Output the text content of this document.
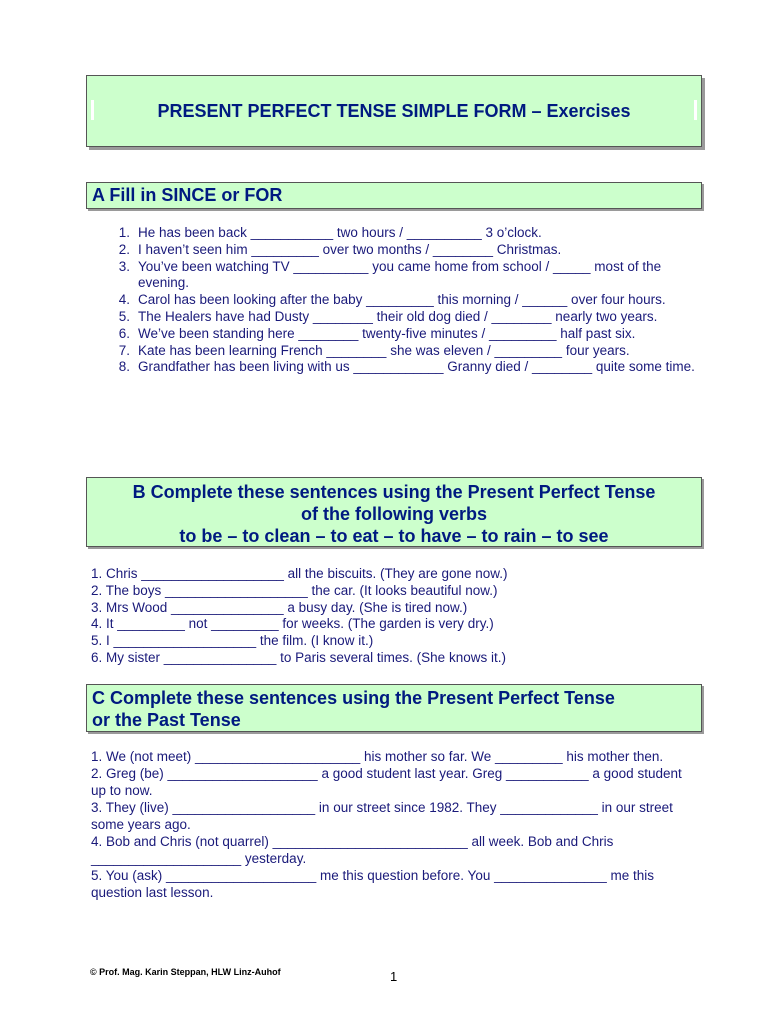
PRESENT PERFECT TENSE SIMPLE FORM – Exercises
A Fill in SINCE or FOR
1. He has been back ___________ two hours / __________ 3 o’clock.
2. I haven’t seen him _________ over two months / ________ Christmas.
3. You’ve been watching TV __________ you came home from school / _____ most of the evening.
4. Carol has been looking after the baby _________ this morning / ______ over four hours.
5. The Healers have had Dusty ________ their old dog died / ________ nearly two years.
6. We’ve been standing here ________ twenty-five minutes / _________ half past six.
7. Kate has been learning French ________ she was eleven / _________ four years.
8. Grandfather has been living with us ____________ Granny died / ________ quite some time.
B Complete these sentences using the Present Perfect Tense
of the following verbs
to be – to clean – to eat – to have – to rain – to see
1. Chris ___________________ all the biscuits. (They are gone now.)
2. The boys ___________________ the car. (It looks beautiful now.)
3. Mrs Wood _______________ a busy day. (She is tired now.)
4. It _________ not _________ for weeks. (The garden is very dry.)
5. I ___________________ the film. (I know it.)
6. My sister _______________ to Paris several times. (She knows it.)
C Complete these sentences using the Present Perfect Tense
or the Past Tense
1. We (not meet) ______________________ his mother so far. We _________ his mother then.
2. Greg (be) ____________________ a good student last year. Greg ___________ a good student up to now.
3. They (live) ___________________ in our street since 1982. They _____________ in our street some years ago.
4. Bob and Chris (not quarrel) __________________________ all week. Bob and Chris ____________________ yesterday.
5. You (ask) ____________________ me this question before. You _______________ me this question last lesson.
© Prof. Mag. Karin Steppan, HLW Linz-Auhof	1
